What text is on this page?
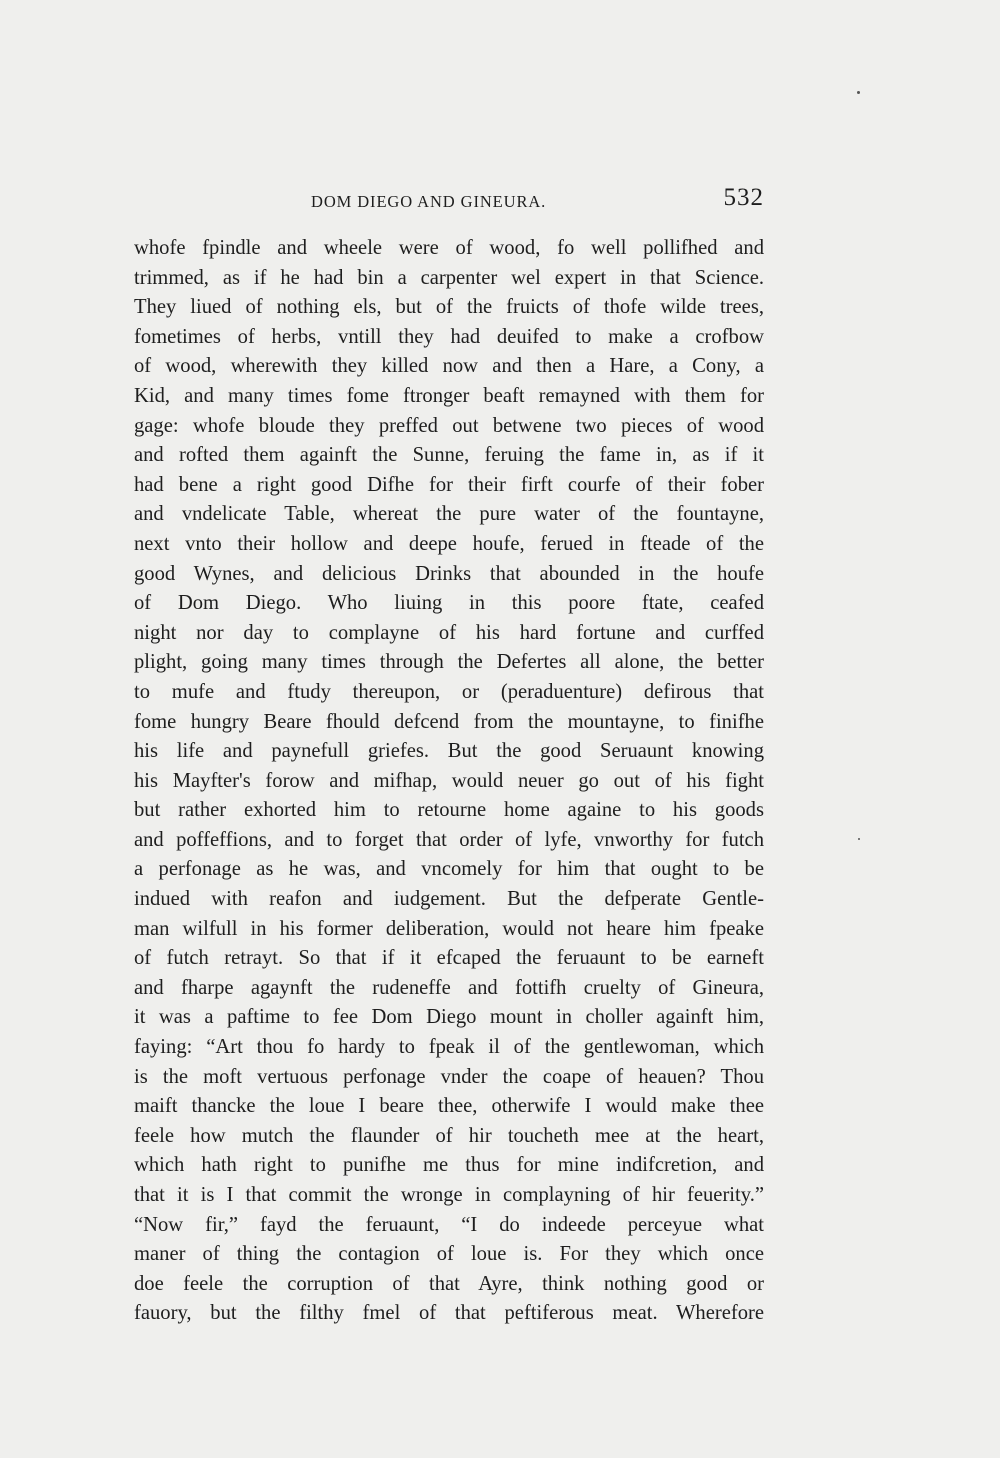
DOM DIEGO AND GINEURA.	532
whofe fpindle and wheele were of wood, fo well pollifhed and
trimmed, as if he had bin a carpenter wel expert in that Science.
They liued of nothing els, but of the fruicts of thofe wilde trees,
fometimes of herbs, vntill they had deuifed to make a crofbow
of wood, wherewith they killed now and then a Hare, a Cony, a
Kid, and many times fome ftronger beaft remayned with them for
gage: whofe bloude they preffed out betwene two pieces of wood
and rofted them againft the Sunne, feruing the fame in, as if it
had bene a right good Difhe for their firft courfe of their fober
and vndelicate Table, whereat the pure water of the fountayne,
next vnto their hollow and deepe houfe, ferued in fteade of the
good Wynes, and delicious Drinks that abounded in the houfe
of Dom Diego. Who liuing in this poore ftate, ceafed
night nor day to complayne of his hard fortune and curffed
plight, going many times through the Defertes all alone, the better
to mufe and ftudy thereupon, or (peraduenture) defirous that
fome hungry Beare fhould defcend from the mountayne, to finifhe
his life and paynefull griefes. But the good Seruaunt knowing
his Mayfter's forow and mifhap, would neuer go out of his fight
but rather exhorted him to retourne home againe to his goods
and poffeffions, and to forget that order of lyfe, vnworthy for futch
a perfonage as he was, and vncomely for him that ought to be
indued with reafon and iudgement. But the defperate Gentle-
man wilfull in his former deliberation, would not heare him fpeake
of futch retrayt. So that if it efcaped the feruaunt to be earneft
and fharpe agaynft the rudeneffe and fottifh cruelty of Gineura,
it was a paftime to fee Dom Diego mount in choller againft him,
faying: “Art thou fo hardy to fpeak il of the gentlewoman, which
is the moft vertuous perfonage vnder the coape of heauen? Thou
maift thancke the loue I beare thee, otherwife I would make thee
feele how mutch the flaunder of hir toucheth mee at the heart,
which hath right to punifhe me thus for mine indifcretion, and
that it is I that commit the wronge in complayning of hir feuerity.”
“Now fir,” fayd the feruaunt, “I do indeede perceyue what
maner of thing the contagion of loue is. For they which once
doe feele the corruption of that Ayre, think nothing good or
fauory, but the filthy fmel of that peftiferous meat. Wherefore
